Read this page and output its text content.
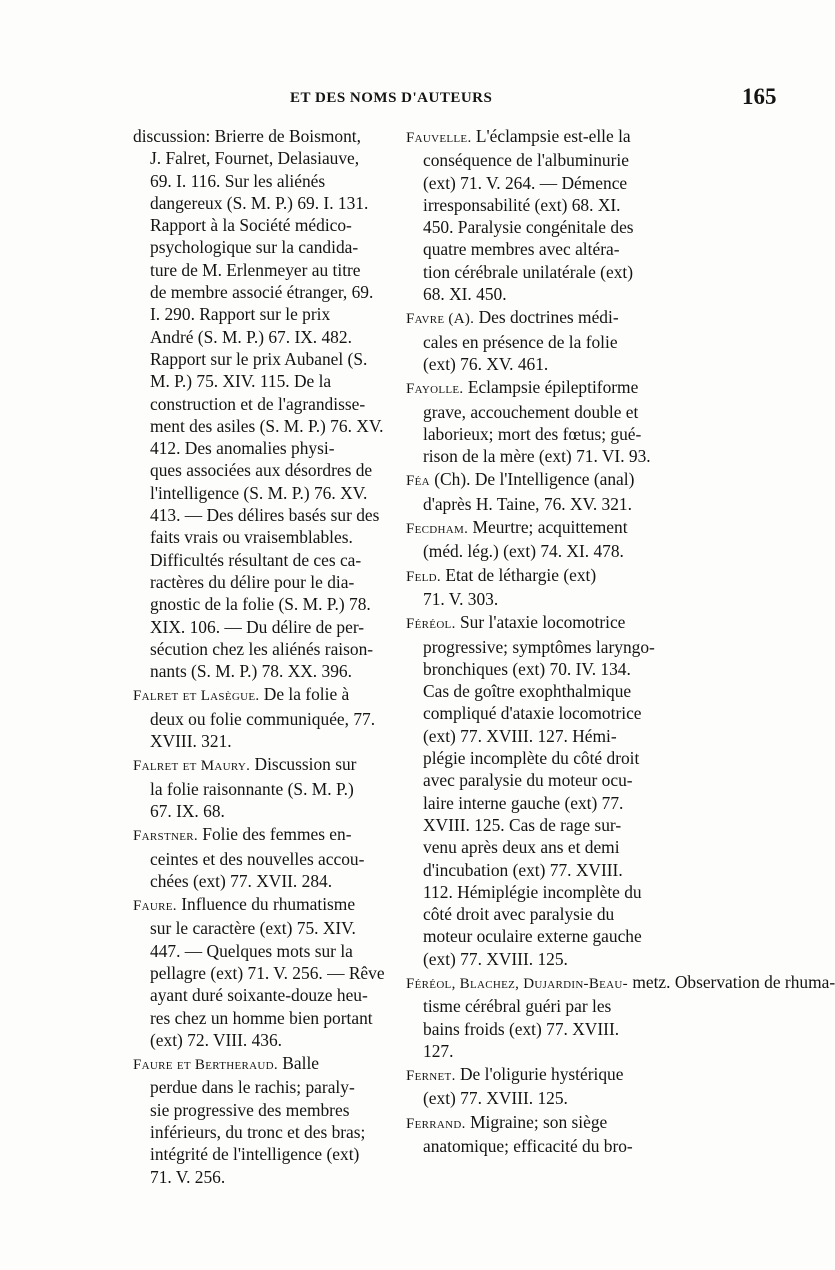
ET DES NOMS D'AUTEURS	165
discussion: Brierre de Boismont,
J. Falret, Fournet, Delasiauve,
69. I. 116. Sur les aliénés
dangereux (S. M. P.) 69. I. 131.
Rapport à la Société médico-
psychologique sur la candida-
ture de M. Erlenmeyer au titre
de membre associé étranger, 69.
I. 290. Rapport sur le prix
André (S. M. P.) 67. IX. 482.
Rapport sur le prix Aubanel (S.
M. P.) 75. XIV. 115. De la
construction et de l'agrandisse-
ment des asiles (S. M. P.) 76. XV.
412. Des anomalies physi-
ques associées aux désordres de
l'intelligence (S. M. P.) 76. XV.
413. — Des délires basés sur des
faits vrais ou vraisemblables.
Difficultés résultant de ces ca-
ractères du délire pour le dia-
gnostic de la folie (S. M. P.) 78.
XIX. 106. — Du délire de per-
sécution chez les aliénés raison-
nants (S. M. P.) 78. XX. 396.
Falret et Lasègue. De la folie à
deux ou folie communiquée, 77.
XVIII. 321.
Falret et Maury. Discussion sur
la folie raisonnante (S. M. P.)
67. IX. 68.
Farstner. Folie des femmes en-
ceintes et des nouvelles accou-
chées (ext) 77. XVII. 284.
Faure. Influence du rhumatisme
sur le caractère (ext) 75. XIV.
447. — Quelques mots sur la
pellagre (ext) 71. V. 256. — Rêve
ayant duré soixante-douze heu-
res chez un homme bien portant
(ext) 72. VIII. 436.
Faure et Bertheraud. Balle
perdue dans le rachis; paraly-
sie progressive des membres
inférieurs, du tronc et des bras;
intégrité de l'intelligence (ext)
71. V. 256.
Fauvelle. L'éclampsie est-elle la
conséquence de l'albuminurie
(ext) 71. V. 264. — Démence
irresponsabilité (ext) 68. XI.
450. Paralysie congénitale des
quatre membres avec altéra-
tion cérébrale unilatérale (ext)
68. XI. 450.
Favre (A). Des doctrines médi-
cales en présence de la folie
(ext) 76. XV. 461.
Fayolle. Eclampsie épileptiforme
grave, accouchement double et
laborieux; mort des fœtus; gué-
rison de la mère (ext) 71. VI. 93.
Féa (Ch). De l'Intelligence (anal)
d'après H. Taine, 76. XV. 321.
Fecdham. Meurtre; acquittement
(méd. lég.) (ext) 74. XI. 478.
Feld. Etat de léthargie (ext)
71. V. 303.
Féréol. Sur l'ataxie locomotrice
progressive; symptômes laryngo-
bronchiques (ext) 70. IV. 134.
Cas de goître exophthalmique
compliqué d'ataxie locomotrice
(ext) 77. XVIII. 127. Hémi-
plégie incomplète du côté droit
avec paralysie du moteur ocu-
laire interne gauche (ext) 77.
XVIII. 125. Cas de rage sur-
venu après deux ans et demi
d'incubation (ext) 77. XVIII.
112. Hémiplégie incomplète du
côté droit avec paralysie du
moteur oculaire externe gauche
(ext) 77. XVIII. 125.
Féréol, Blachez, Dujardin-Beau- metz. Observation de rhuma-
tisme cérébral guéri par les
bains froids (ext) 77. XVIII.
127.
Fernet. De l'oligurie hystérique
(ext) 77. XVIII. 125.
Ferrand. Migraine; son siège
anatomique; efficacité du bro-
